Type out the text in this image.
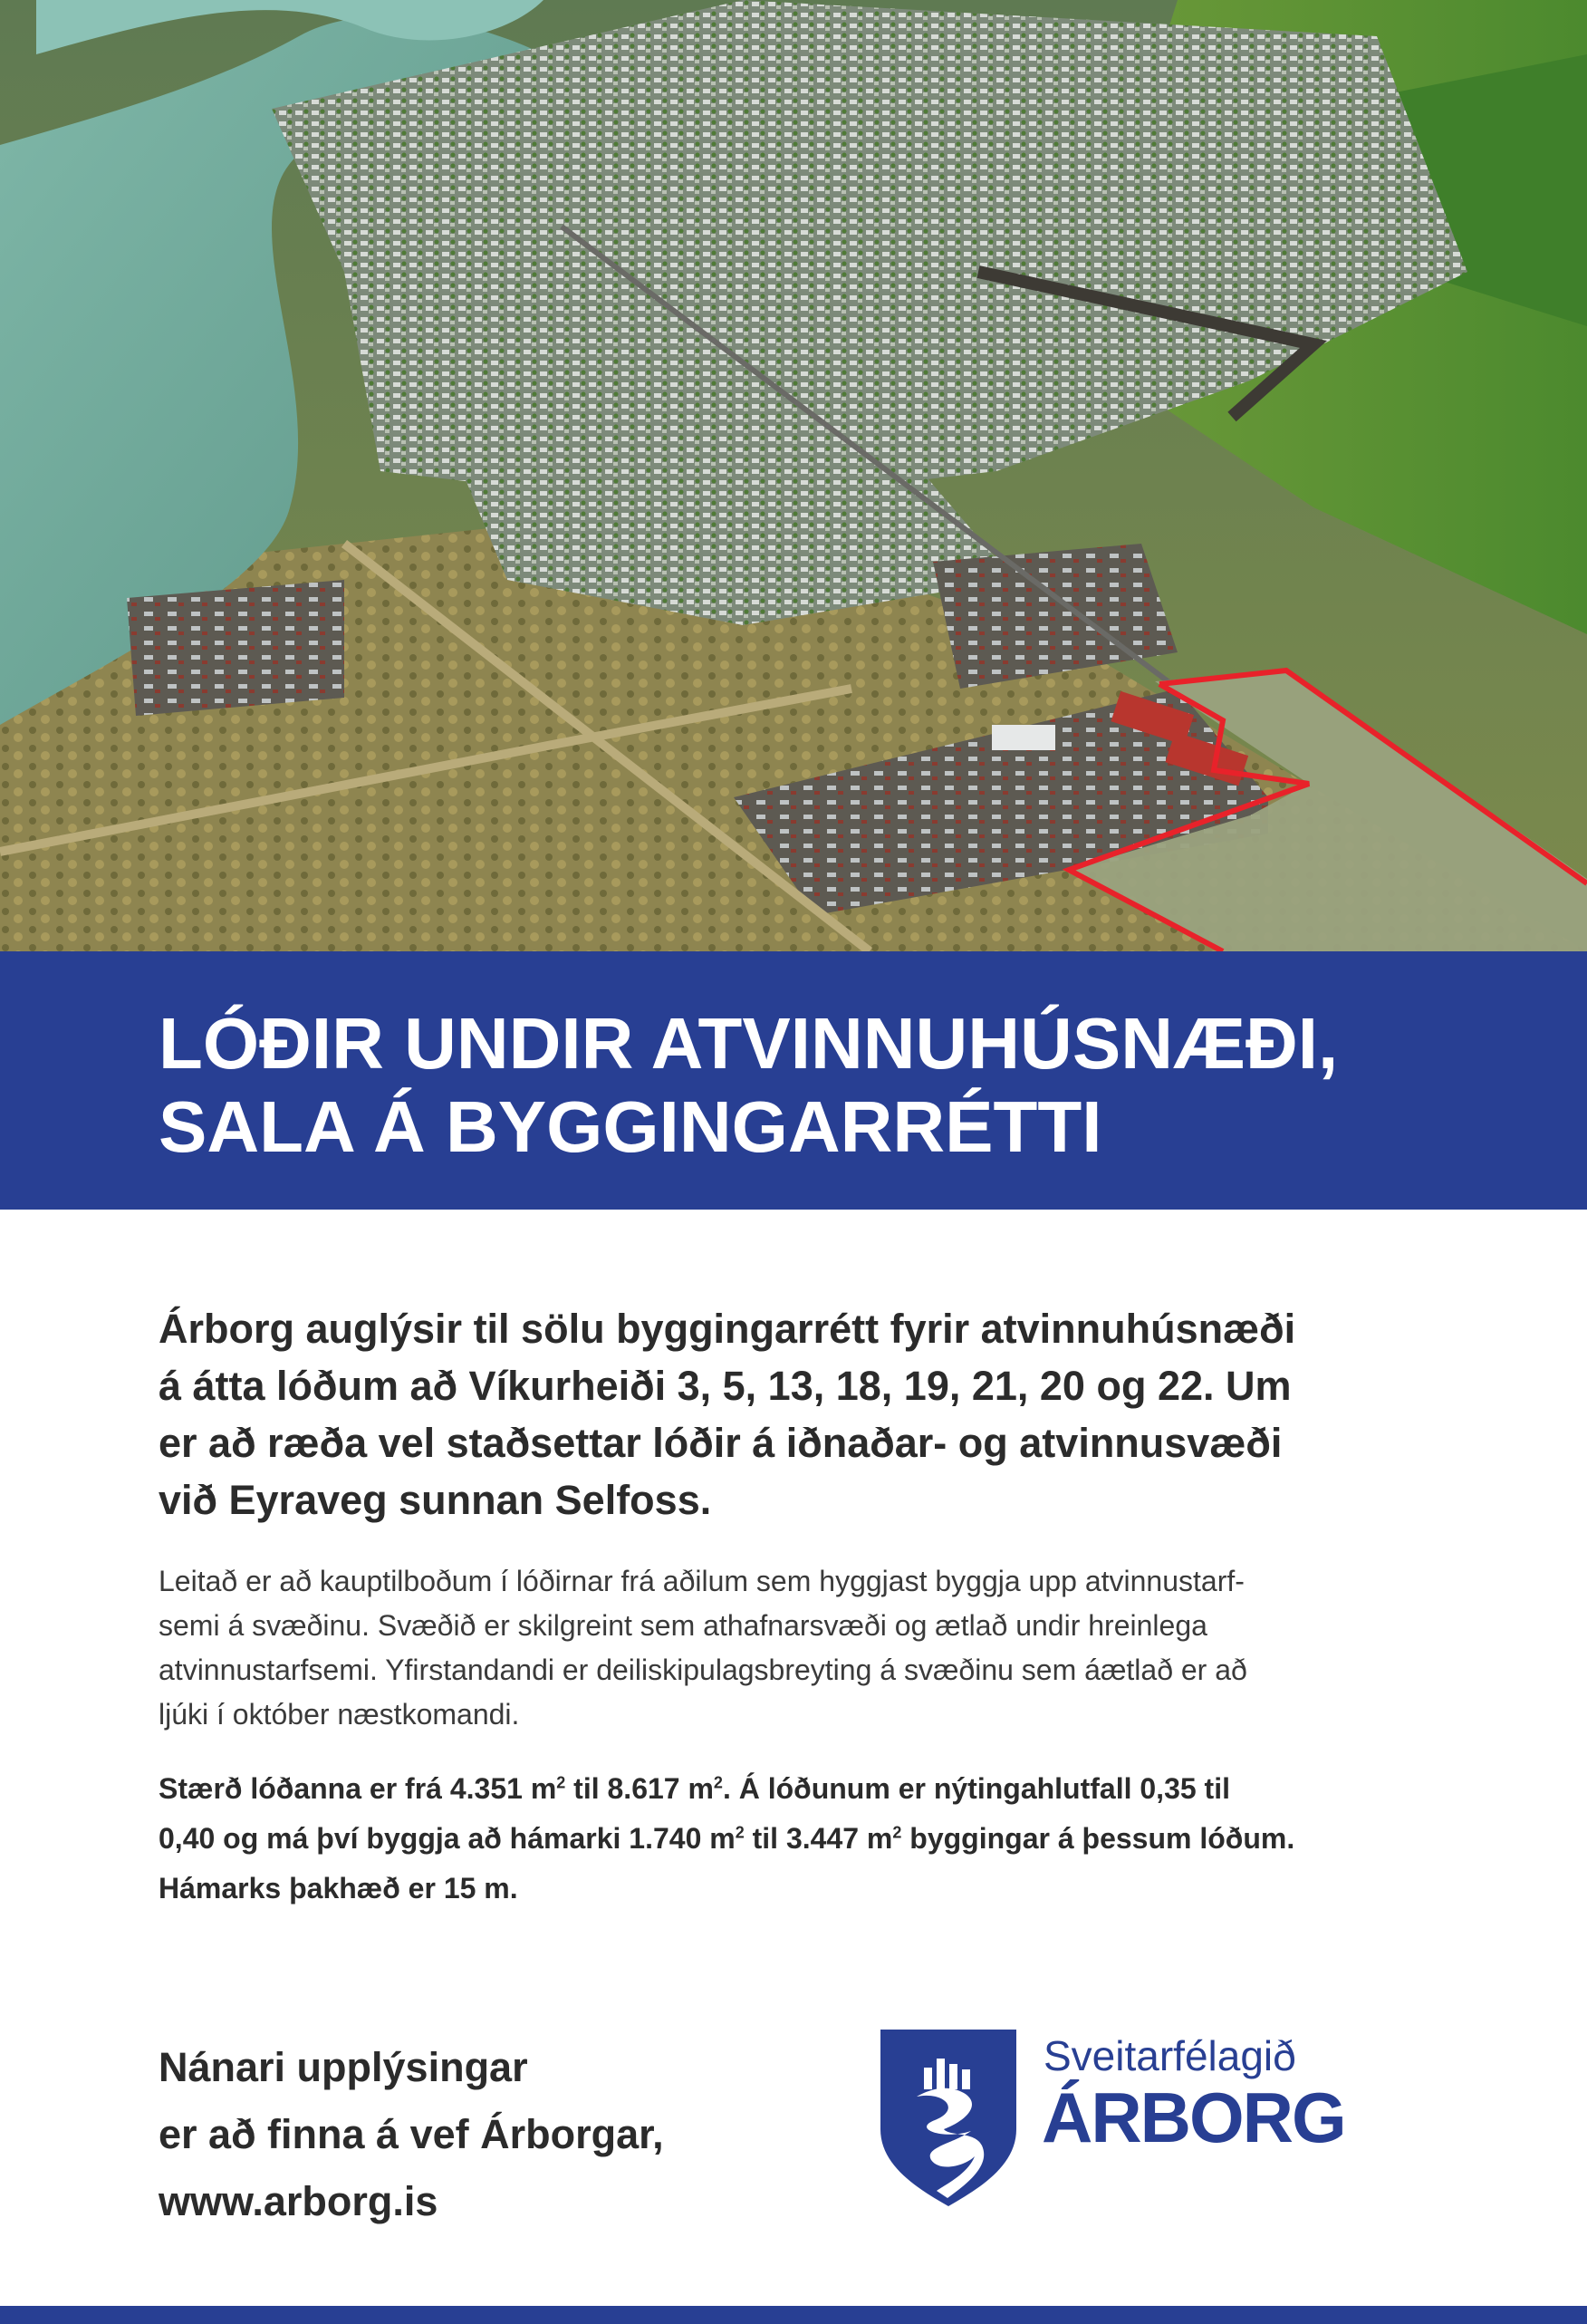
LÓÐIR UNDIR ATVINNUHÚSNÆÐI,
SALA Á BYGGINGARRÉTTI

Árborg auglýsir til sölu byggingarrétt fyrir atvinnuhúsnæði
á átta lóðum að Víkurheiði 3, 5, 13, 18, 19, 21, 20 og 22. Um
er að ræða vel staðsettar lóðir á iðnaðar- og atvinnusvæði
við Eyraveg sunnan Selfoss.

Leitað er að kauptilboðum í lóðirnar frá aðilum sem hyggjast byggja upp atvinnustarf-
semi á svæðinu. Svæðið er skilgreint sem athafnarsvæði og ætlað undir hreinlega
atvinnustarfsemi. Yfirstandandi er deiliskipulagsbreyting á svæðinu sem áætlað er að
ljúki í október næstkomandi.

Stærð lóðanna er frá 4.351 $m^2$ til 8.617 $m^2$. Á lóðunum er nýtingahlutfall 0,35 til
0,40 og má því byggja að hámarki 1.740 $m^2$ til 3.447 $m^2$ byggingar á þessum lóðum.
Hámarks þakhæð er 15 m.

Nánari upplýsingar
er að finna á vef Árborgar,
www.arborg.is
Sveitarfélagið
ÁRBORG
